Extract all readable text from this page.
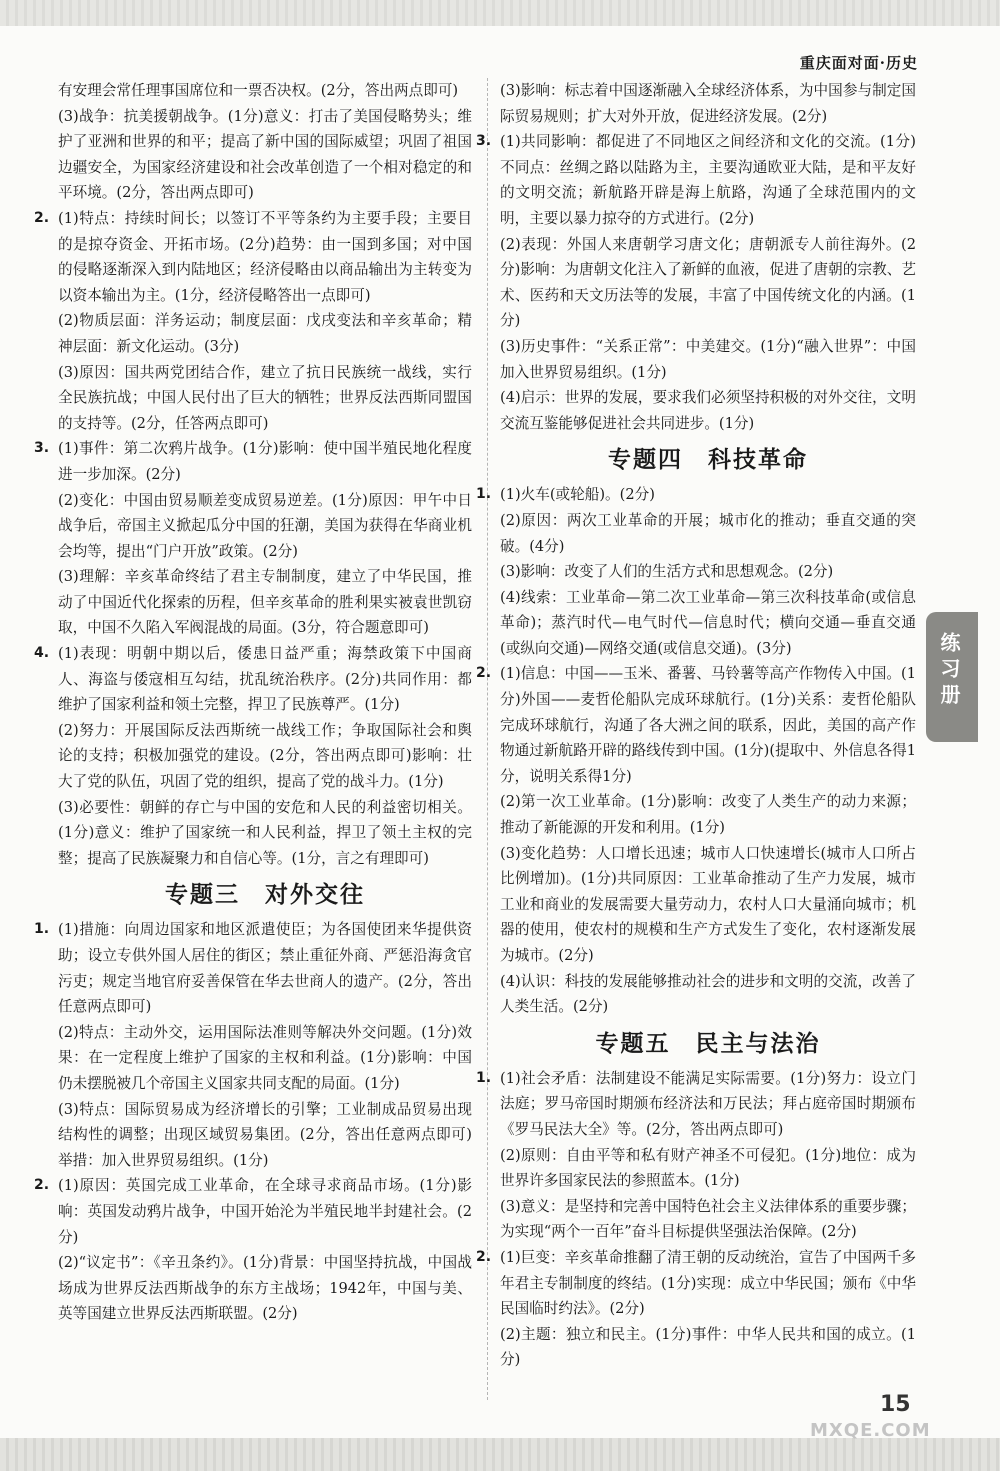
重庆面对面·历史

有安理会常任理事国席位和一票否决权。(2分，答出两点即可)

(3)战争：抗美援朝战争。(1分)意义：打击了美国侵略势头；维护了亚洲和世界的和平；提高了新中国的国际威望；巩固了祖国边疆安全，为国家经济建设和社会改革创造了一个相对稳定的和平环境。(2分，答出两点即可)

2. (1)特点：持续时间长；以签订不平等条约为主要手段；主要目的是掠夺资金、开拓市场。(2分)趋势：由一国到多国；对中国的侵略逐渐深入到内陆地区；经济侵略由以商品输出为主转变为以资本输出为主。(1分，经济侵略答出一点即可)

(2)物质层面：洋务运动；制度层面：戊戌变法和辛亥革命；精神层面：新文化运动。(3分)

(3)原因：国共两党团结合作，建立了抗日民族统一战线，实行全民族抗战；中国人民付出了巨大的牺牲；世界反法西斯同盟国的支持等。(2分，任答两点即可)

3. (1)事件：第二次鸦片战争。(1分)影响：使中国半殖民地化程度进一步加深。(2分)

(2)变化：中国由贸易顺差变成贸易逆差。(1分)原因：甲午中日战争后，帝国主义掀起瓜分中国的狂潮，美国为获得在华商业机会均等，提出“门户开放”政策。(2分)

(3)理解：辛亥革命终结了君主专制制度，建立了中华民国，推动了中国近代化探索的历程，但辛亥革命的胜利果实被袁世凯窃取，中国不久陷入军阀混战的局面。(3分，符合题意即可)

4. (1)表现：明朝中期以后，倭患日益严重；海禁政策下中国商人、海盗与倭寇相互勾结，扰乱统治秩序。(2分)共同作用：都维护了国家利益和领土完整，捍卫了民族尊严。(1分)

(2)努力：开展国际反法西斯统一战线工作；争取国际社会和舆论的支持；积极加强党的建设。(2分，答出两点即可)影响：壮大了党的队伍，巩固了党的组织，提高了党的战斗力。(1分)

(3)必要性：朝鲜的存亡与中国的安危和人民的利益密切相关。(1分)意义：维护了国家统一和人民利益，捍卫了领土主权的完整；提高了民族凝聚力和自信心等。(1分，言之有理即可)

专题三　对外交往
1. (1)措施：向周边国家和地区派遣使臣；为各国使团来华提供资助；设立专供外国人居住的街区；禁止重征外商、严惩沿海贪官污吏；规定当地官府妥善保管在华去世商人的遗产。(2分，答出任意两点即可)

(2)特点：主动外交，运用国际法准则等解决外交问题。(1分)效果：在一定程度上维护了国家的主权和利益。(1分)影响：中国仍未摆脱被几个帝国主义国家共同支配的局面。(1分)

(3)特点：国际贸易成为经济增长的引擎；工业制成品贸易出现结构性的调整；出现区域贸易集团。(2分，答出任意两点即可)举措：加入世界贸易组织。(1分)

2. (1)原因：英国完成工业革命，在全球寻求商品市场。(1分)影响：英国发动鸦片战争，中国开始沦为半殖民地半封建社会。(2分)

(2)“议定书”：《辛丑条约》。(1分)背景：中国坚持抗战，中国战场成为世界反法西斯战争的东方主战场；1942年，中国与美、英等国建立世界反法西斯联盟。(2分)

(3)影响：标志着中国逐渐融入全球经济体系，为中国参与制定国际贸易规则；扩大对外开放，促进经济发展。(2分)

3. (1)共同影响：都促进了不同地区之间经济和文化的交流。(1分)不同点：丝绸之路以陆路为主，主要沟通欧亚大陆，是和平友好的文明交流；新航路开辟是海上航路，沟通了全球范围内的文明，主要以暴力掠夺的方式进行。(2分)

(2)表现：外国人来唐朝学习唐文化；唐朝派专人前往海外。(2分)影响：为唐朝文化注入了新鲜的血液，促进了唐朝的宗教、艺术、医药和天文历法等的发展，丰富了中国传统文化的内涵。(1分)

(3)历史事件：“关系正常”：中美建交。(1分)“融入世界”：中国加入世界贸易组织。(1分)

(4)启示：世界的发展，要求我们必须坚持积极的对外交往，文明交流互鉴能够促进社会共同进步。(1分)

专题四　科技革命
1. (1)火车(或轮船)。(2分)

(2)原因：两次工业革命的开展；城市化的推动；垂直交通的突破。(4分)

(3)影响：改变了人们的生活方式和思想观念。(2分)

(4)线索：工业革命—第二次工业革命—第三次科技革命(或信息革命)；蒸汽时代—电气时代—信息时代；横向交通—垂直交通(或纵向交通)—网络交通(或信息交通)。(3分)

2. (1)信息：中国——玉米、番薯、马铃薯等高产作物传入中国。(1分)外国——麦哲伦船队完成环球航行。(1分)关系：麦哲伦船队完成环球航行，沟通了各大洲之间的联系，因此，美国的高产作物通过新航路开辟的路线传到中国。(1分)(提取中、外信息各得1分，说明关系得1分)

(2)第一次工业革命。(1分)影响：改变了人类生产的动力来源；推动了新能源的开发和利用。(1分)

(3)变化趋势：人口增长迅速；城市人口快速增长(城市人口所占比例增加)。(1分)共同原因：工业革命推动了生产力发展，城市工业和商业的发展需要大量劳动力，农村人口大量涌向城市；机器的使用，使农村的规模和生产方式发生了变化，农村逐渐发展为城市。(2分)

(4)认识：科技的发展能够推动社会的进步和文明的交流，改善了人类生活。(2分)

专题五　民主与法治
1. (1)社会矛盾：法制建设不能满足实际需要。(1分)努力：设立门法庭；罗马帝国时期颁布经济法和万民法；拜占庭帝国时期颁布《罗马民法大全》等。(2分，答出两点即可)

(2)原则：自由平等和私有财产神圣不可侵犯。(1分)地位：成为世界许多国家民法的参照蓝本。(1分)

(3)意义：是坚持和完善中国特色社会主义法律体系的重要步骤；为实现“两个一百年”奋斗目标提供坚强法治保障。(2分)

2. (1)巨变：辛亥革命推翻了清王朝的反动统治，宣告了中国两千多年君主专制制度的终结。(1分)实现：成立中华民国；颁布《中华民国临时约法》。(2分)

(2)主题：独立和民主。(1分)事件：中华人民共和国的成立。(1分)

练习册
15
MXQE.COM
